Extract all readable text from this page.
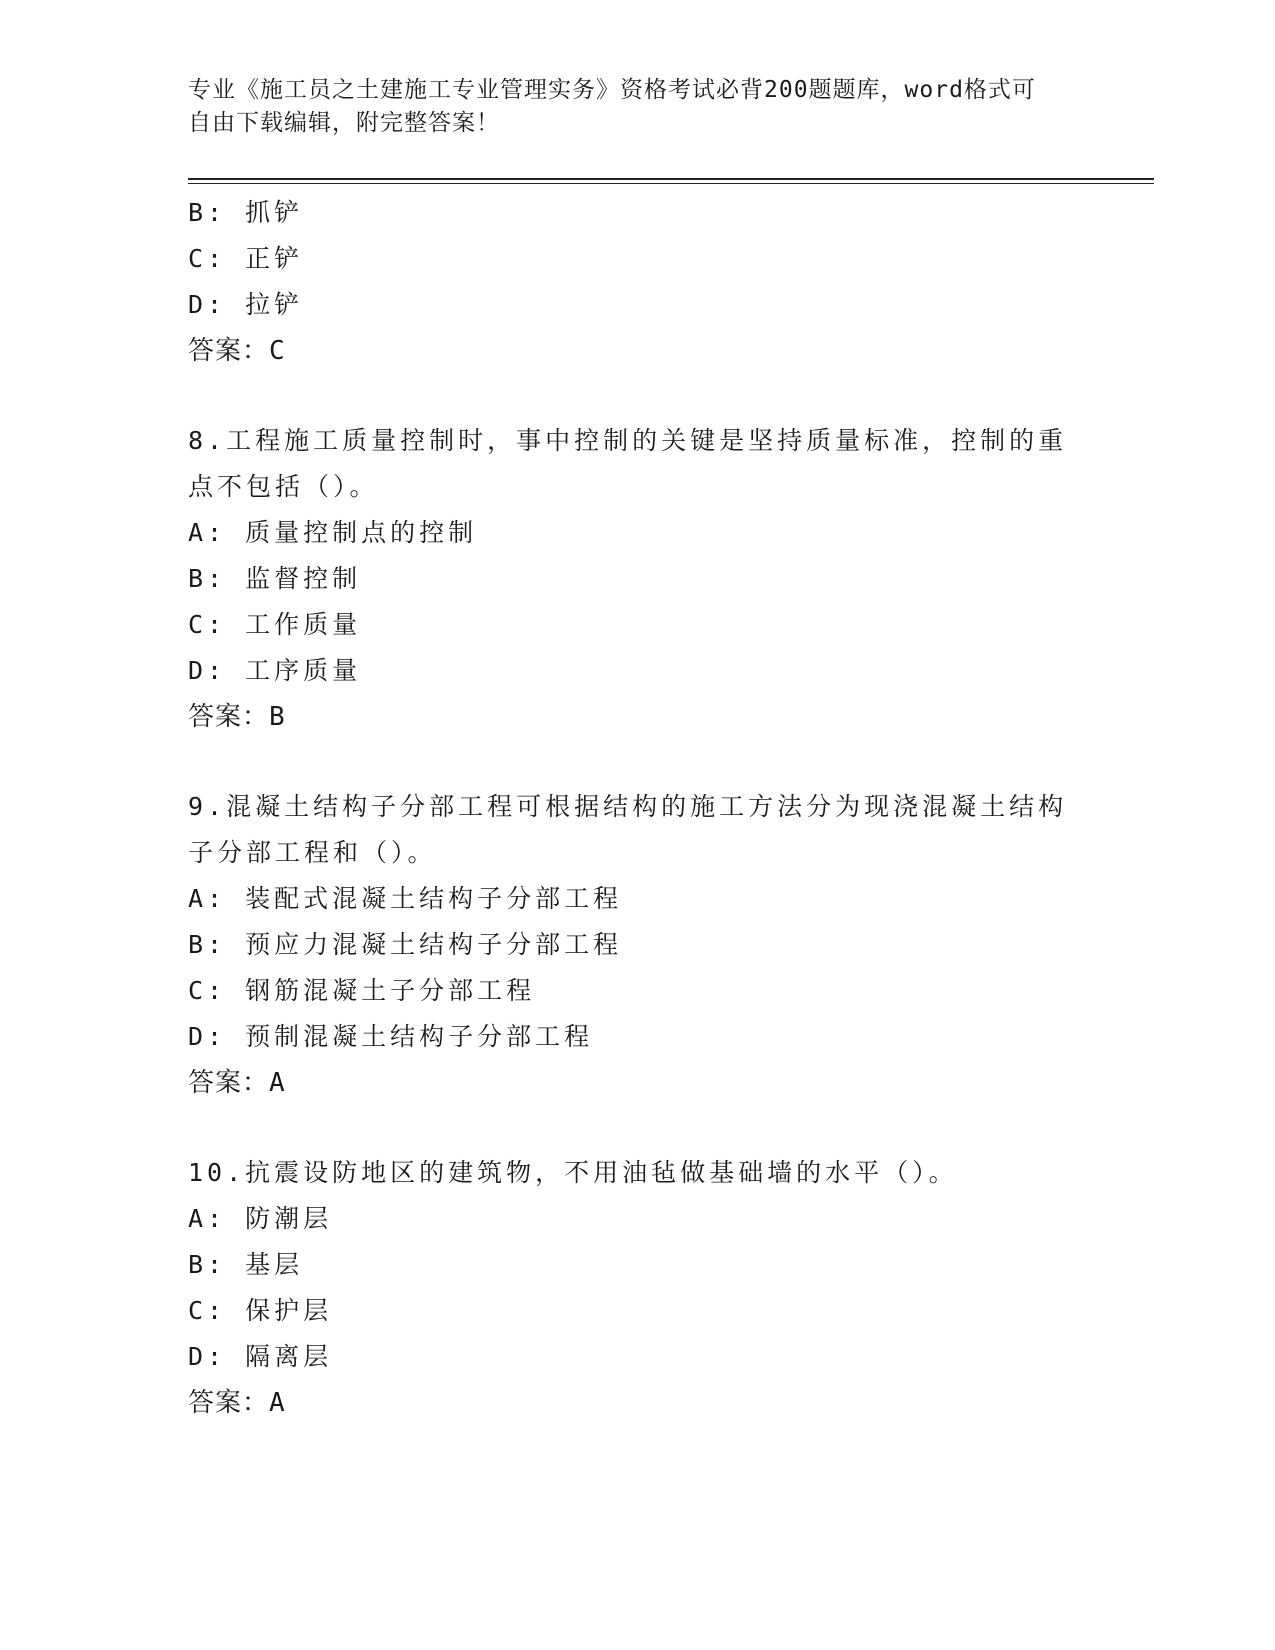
专业《施工员之土建施工专业管理实务》资格考试必背200题题库，word格式可
自由下载编辑，附完整答案！
B: 抓铲
C: 正铲
D: 拉铲
答案：C
8.工程施工质量控制时，事中控制的关键是坚持质量标准，控制的重
点不包括（）。
A: 质量控制点的控制
B: 监督控制
C: 工作质量
D: 工序质量
答案：B
9.混凝土结构子分部工程可根据结构的施工方法分为现浇混凝土结构
子分部工程和（）。
A: 装配式混凝土结构子分部工程
B: 预应力混凝土结构子分部工程
C: 钢筋混凝土子分部工程
D: 预制混凝土结构子分部工程
答案：A
10.抗震设防地区的建筑物，不用油毡做基础墙的水平（）。
A: 防潮层
B: 基层
C: 保护层
D: 隔离层
答案：A
